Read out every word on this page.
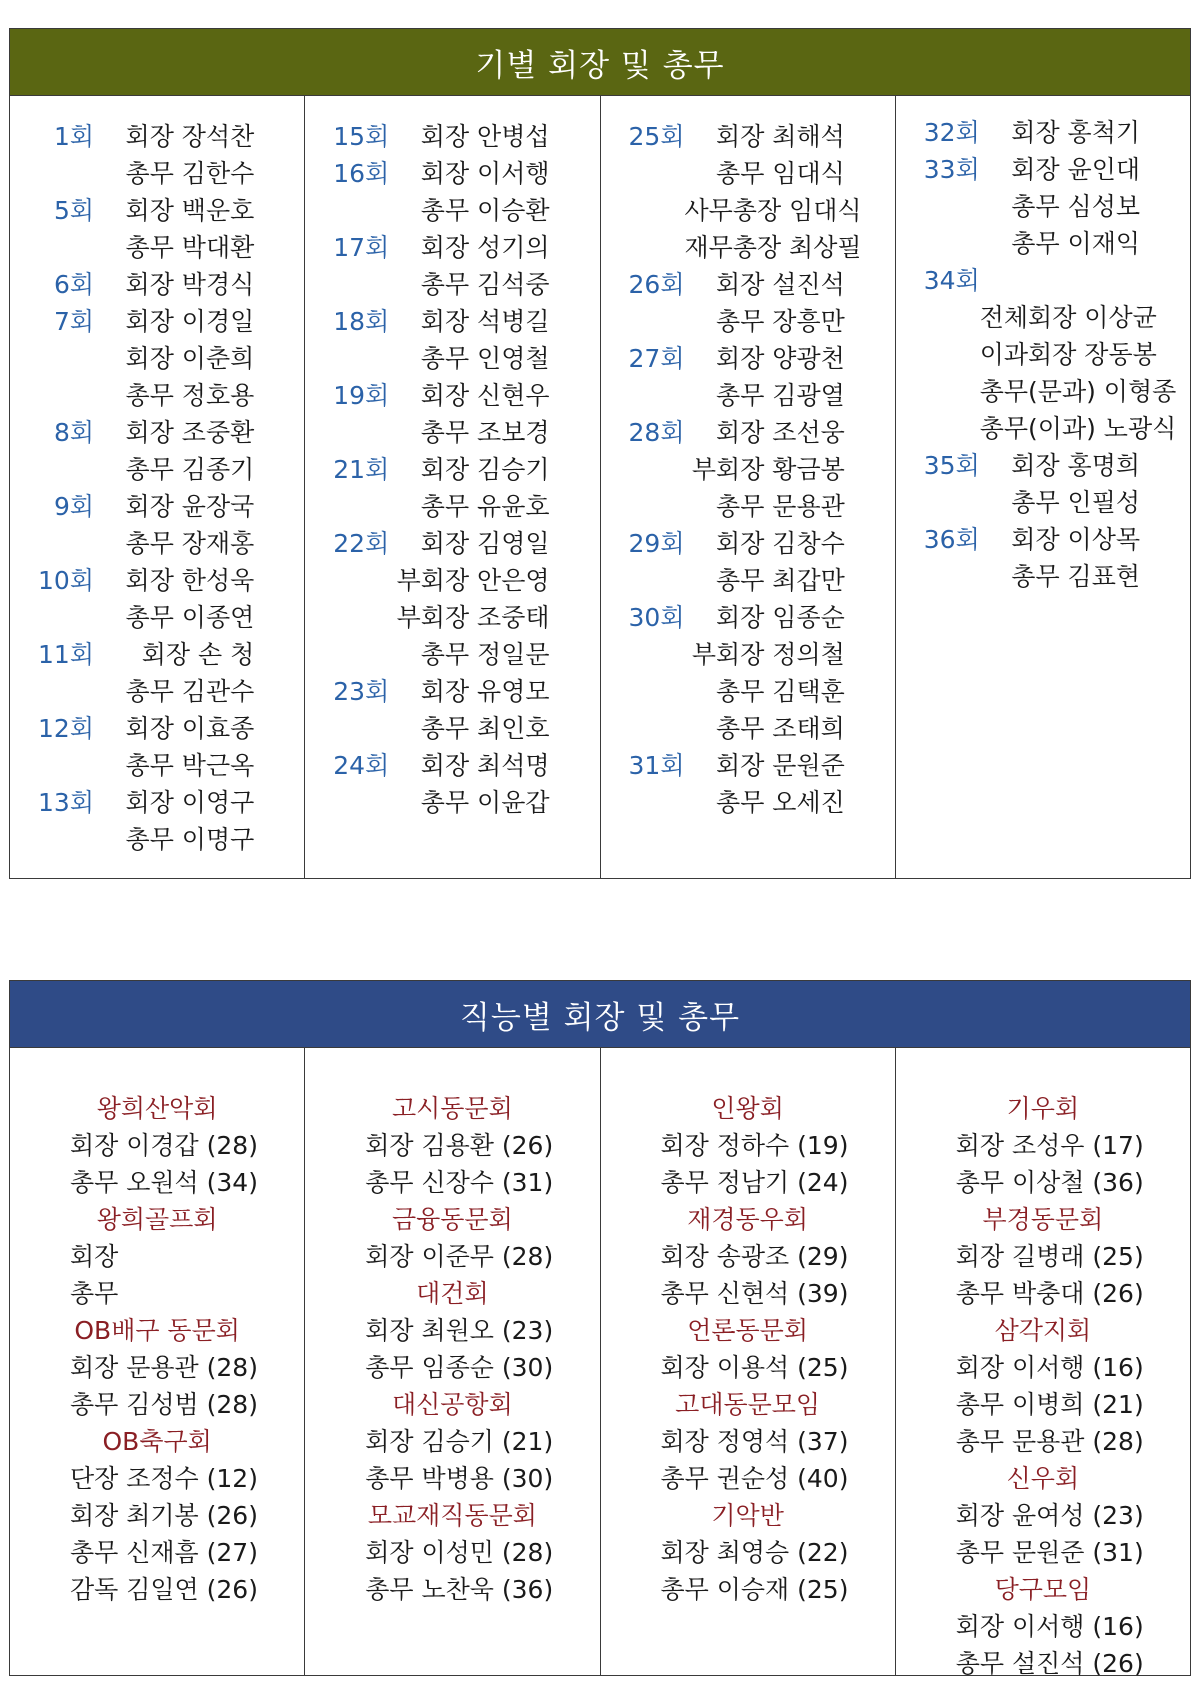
기별 회장 및 총무
1회	회장 장석찬
총무 김한수
5회	회장 백운호
총무 박대환
6회	회장 박경식
7회	회장 이경일
회장 이춘희
총무 정호용
8회	회장 조중환
총무 김종기
9회	회장 윤장국
총무 장재홍
10회	회장 한성욱
총무 이종연
11회	회장 손 청
총무 김관수
12회	회장 이효종
총무 박근옥
13회	회장 이영구
총무 이명구
15회	회장 안병섭
16회	회장 이서행
총무 이승환
17회	회장 성기의
총무 김석중
18회	회장 석병길
총무 인영철
19회	회장 신현우
총무 조보경
21회	회장 김승기
총무 유윤호
22회	회장 김영일
부회장 안은영
부회장 조중태
총무 정일문
23회	회장 유영모
총무 최인호
24회	회장 최석명
총무 이윤갑
25회	회장 최해석
총무 임대식
사무총장 임대식
재무총장 최상필
26회	회장 설진석
총무 장흥만
27회	회장 양광천
총무 김광열
28회	회장 조선웅
부회장 황금봉
총무 문용관
29회	회장 김창수
총무 최갑만
30회	회장 임종순
부회장 정의철
총무 김택훈
총무 조태희
31회	회장 문원준
총무 오세진
32회	회장 홍척기
33회	회장 윤인대
총무 심성보
총무 이재익
34회
전체회장 이상균
이과회장 장동봉
총무(문과) 이형종
총무(이과) 노광식
35회	회장 홍명희
총무 인필성
36회	회장 이상목
총무 김표현
직능별 회장 및 총무
왕희산악회
회장 이경갑 (28)
총무 오원석 (34)
왕희골프회
회장
총무
OB배구 동문회
회장 문용관 (28)
총무 김성범 (28)
OB축구회
단장 조정수 (12)
회장 최기봉 (26)
총무 신재흠 (27)
감독 김일연 (26)
고시동문회
회장 김용환 (26)
총무 신장수 (31)
금융동문회
회장 이준무 (28)
대건회
회장 최원오 (23)
총무 임종순 (30)
대신공항회
회장 김승기 (21)
총무 박병용 (30)
모교재직동문회
회장 이성민 (28)
총무 노찬욱 (36)
인왕회
회장 정하수 (19)
총무 정남기 (24)
재경동우회
회장 송광조 (29)
총무 신현석 (39)
언론동문회
회장 이용석 (25)
고대동문모임
회장 정영석 (37)
총무 권순성 (40)
기악반
회장 최영승 (22)
총무 이승재 (25)
기우회
회장 조성우 (17)
총무 이상철 (36)
부경동문회
회장 길병래 (25)
총무 박충대 (26)
삼각지회
회장 이서행 (16)
총무 이병희 (21)
총무 문용관 (28)
신우회
회장 윤여성 (23)
총무 문원준 (31)
당구모임
회장 이서행 (16)
총무 설진석 (26)
